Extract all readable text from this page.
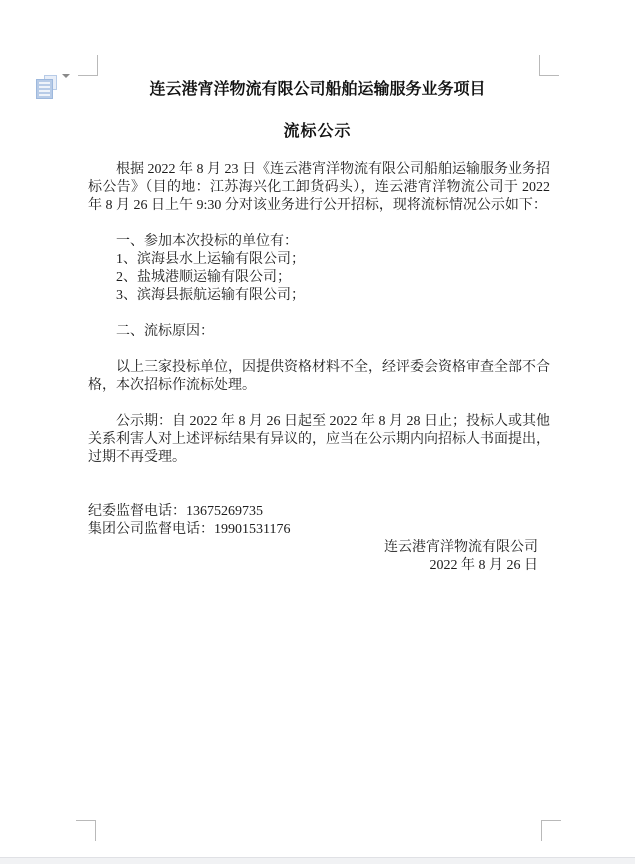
连云港宵洋物流有限公司船舶运输服务业务项目
流标公示

根据 2022 年 8 月 23 日《连云港宵洋物流有限公司船舶运输服务业务招标公告》（目的地：江苏海兴化工卸货码头），连云港宵洋物流公司于 2022 年 8 月 26 日上午 9:30 分对该业务进行公开招标，现将流标情况公示如下：

一、参加本次投标的单位有：

1、滨海县水上运输有限公司；

2、盐城港顺运输有限公司；

3、滨海县振航运输有限公司；

二、流标原因：

以上三家投标单位，因提供资格材料不全，经评委会资格审查全部不合格，本次招标作流标处理。

公示期：自 2022 年 8 月 26 日起至 2022 年 8 月 28 日止；投标人或其他关系利害人对上述评标结果有异议的，应当在公示期内向招标人书面提出，过期不再受理。

纪委监督电话：13675269735

集团公司监督电话：19901531176

连云港宵洋物流有限公司

2022 年 8 月 26 日
